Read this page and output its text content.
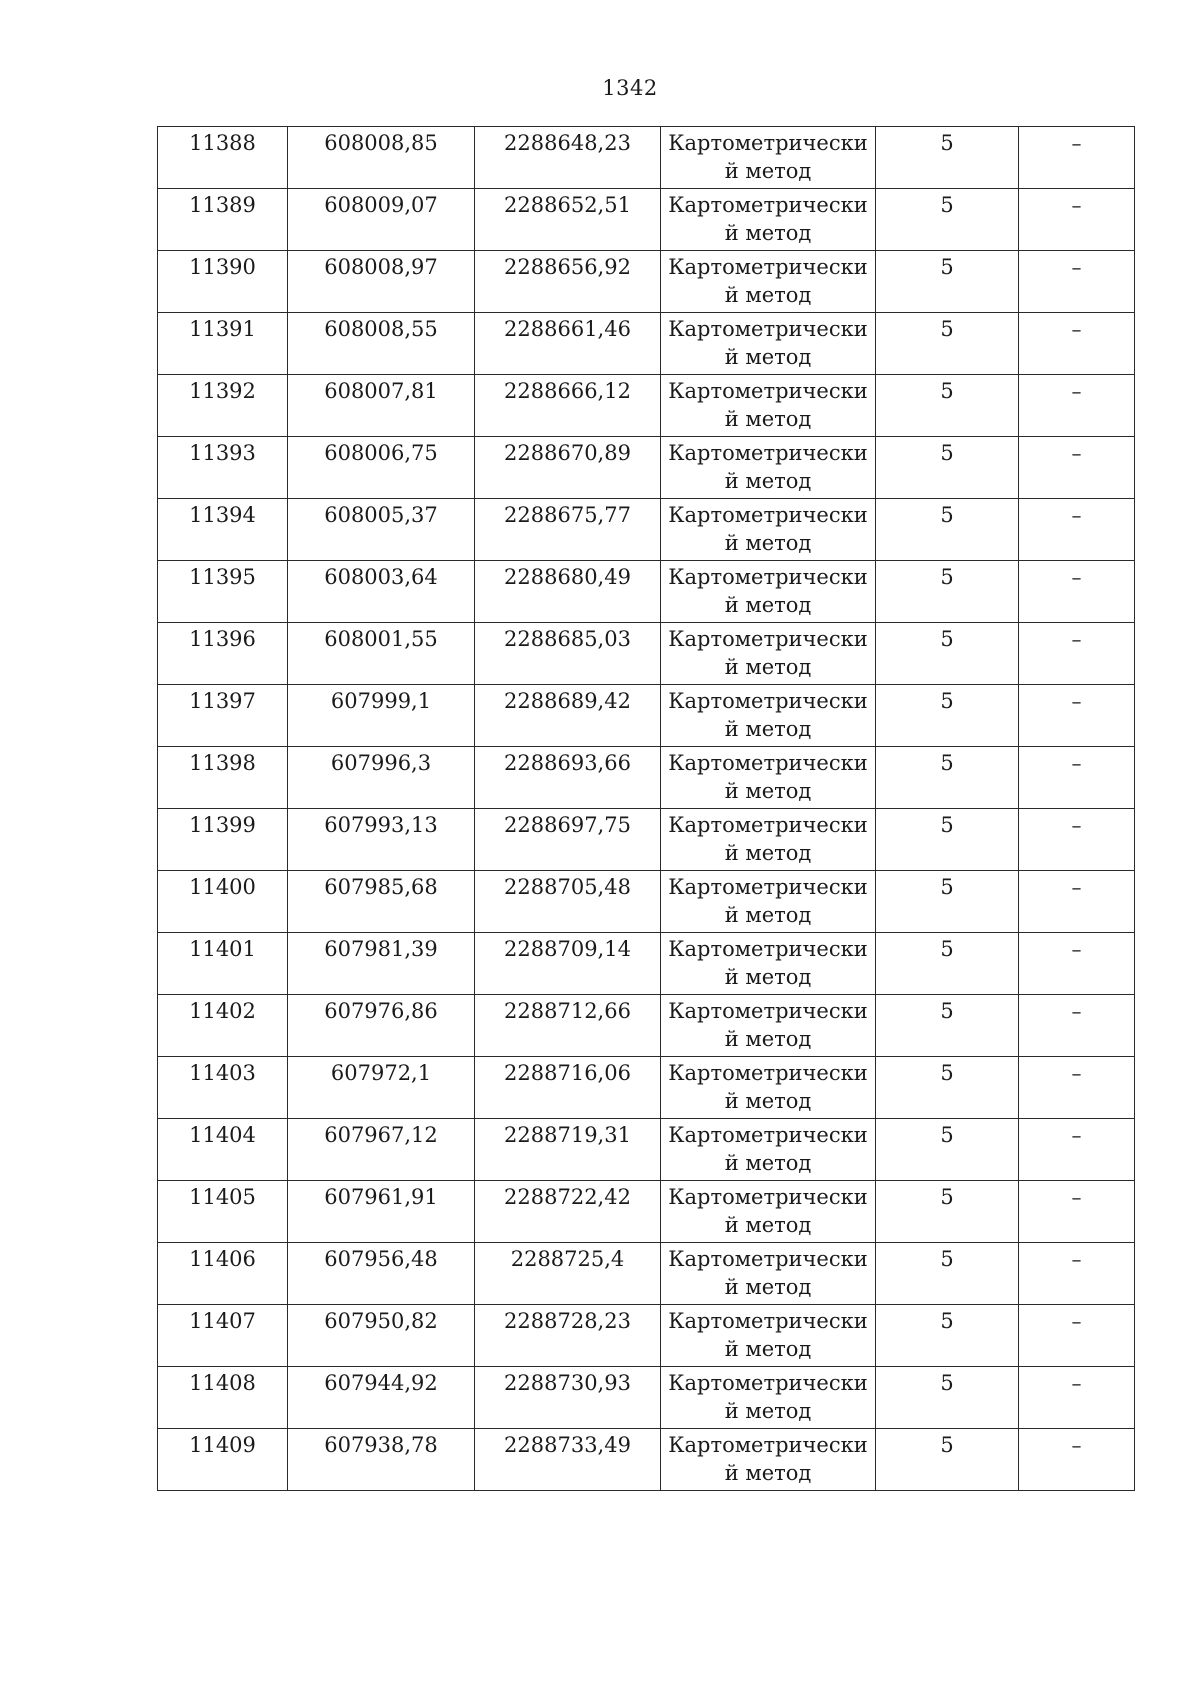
1342
11388	608008,85	2288648,23	Картометрически й метод	5	–
11389	608009,07	2288652,51	Картометрически й метод	5	–
11390	608008,97	2288656,92	Картометрически й метод	5	–
11391	608008,55	2288661,46	Картометрически й метод	5	–
11392	608007,81	2288666,12	Картометрически й метод	5	–
11393	608006,75	2288670,89	Картометрически й метод	5	–
11394	608005,37	2288675,77	Картометрически й метод	5	–
11395	608003,64	2288680,49	Картометрически й метод	5	–
11396	608001,55	2288685,03	Картометрически й метод	5	–
11397	607999,1	2288689,42	Картометрически й метод	5	–
11398	607996,3	2288693,66	Картометрически й метод	5	–
11399	607993,13	2288697,75	Картометрически й метод	5	–
11400	607985,68	2288705,48	Картометрически й метод	5	–
11401	607981,39	2288709,14	Картометрически й метод	5	–
11402	607976,86	2288712,66	Картометрически й метод	5	–
11403	607972,1	2288716,06	Картометрически й метод	5	–
11404	607967,12	2288719,31	Картометрически й метод	5	–
11405	607961,91	2288722,42	Картометрически й метод	5	–
11406	607956,48	2288725,4	Картометрически й метод	5	–
11407	607950,82	2288728,23	Картометрически й метод	5	–
11408	607944,92	2288730,93	Картометрически й метод	5	–
11409	607938,78	2288733,49	Картометрически й метод	5	–
